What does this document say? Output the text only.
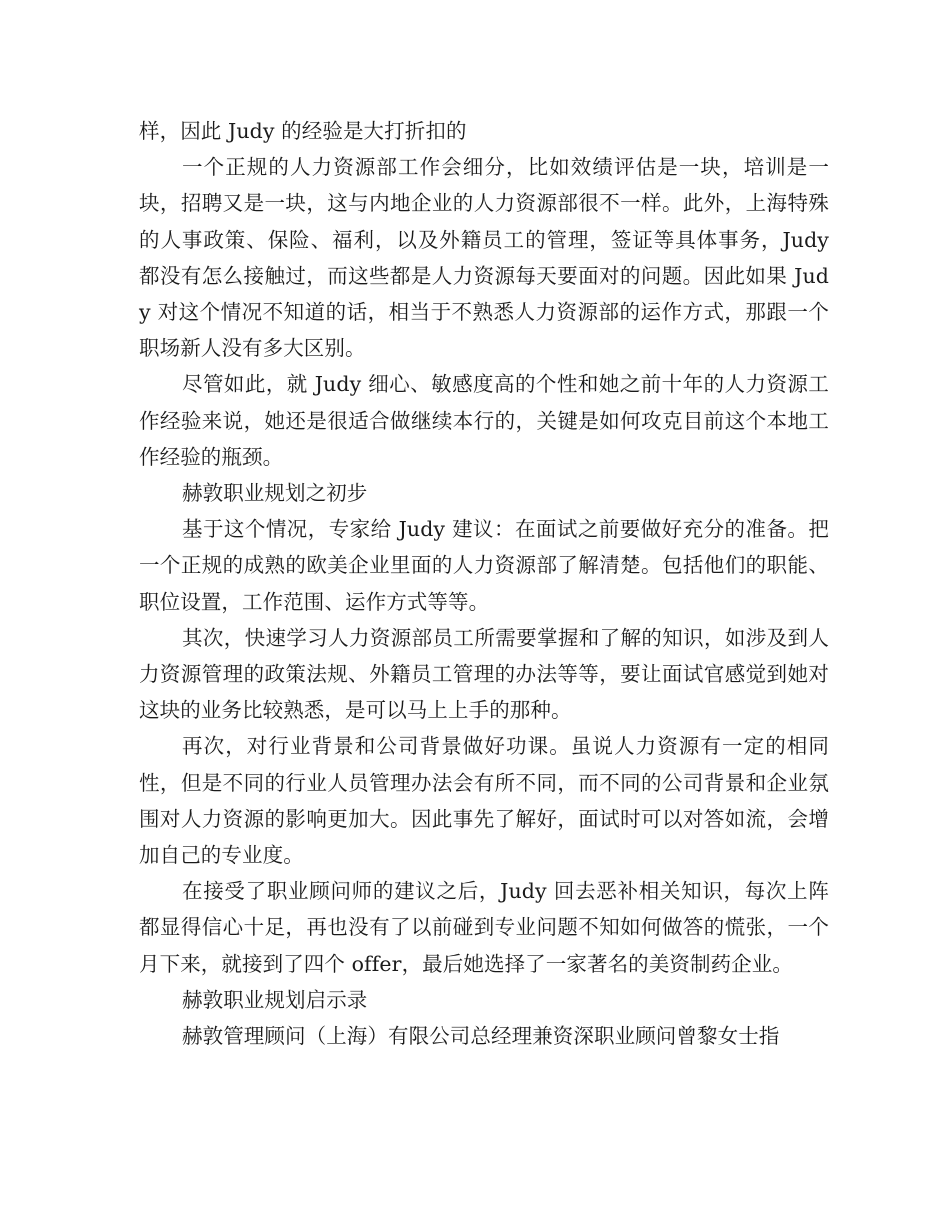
样，因此 Judy 的经验是大打折扣的

一个正规的人力资源部工作会细分，比如效绩评估是一块，培训是一块，招聘又是一块，这与内地企业的人力资源部很不一样。此外，上海特殊的人事政策、保险、福利，以及外籍员工的管理，签证等具体事务，Judy 都没有怎么接触过，而这些都是人力资源每天要面对的问题。因此如果 Judy 对这个情况不知道的话，相当于不熟悉人力资源部的运作方式，那跟一个职场新人没有多大区别。

尽管如此，就 Judy 细心、敏感度高的个性和她之前十年的人力资源工作经验来说，她还是很适合做继续本行的，关键是如何攻克目前这个本地工作经验的瓶颈。

赫敦职业规划之初步

基于这个情况，专家给 Judy 建议：在面试之前要做好充分的准备。把一个正规的成熟的欧美企业里面的人力资源部了解清楚。包括他们的职能、职位设置，工作范围、运作方式等等。

其次，快速学习人力资源部员工所需要掌握和了解的知识，如涉及到人力资源管理的政策法规、外籍员工管理的办法等等，要让面试官感觉到她对这块的业务比较熟悉，是可以马上上手的那种。

再次，对行业背景和公司背景做好功课。虽说人力资源有一定的相同性，但是不同的行业人员管理办法会有所不同，而不同的公司背景和企业氛围对人力资源的影响更加大。因此事先了解好，面试时可以对答如流，会增加自己的专业度。

在接受了职业顾问师的建议之后，Judy 回去恶补相关知识，每次上阵都显得信心十足，再也没有了以前碰到专业问题不知如何做答的慌张，一个月下来，就接到了四个 offer，最后她选择了一家著名的美资制药企业。

赫敦职业规划启示录

赫敦管理顾问（上海）有限公司总经理兼资深职业顾问曾黎女士指
